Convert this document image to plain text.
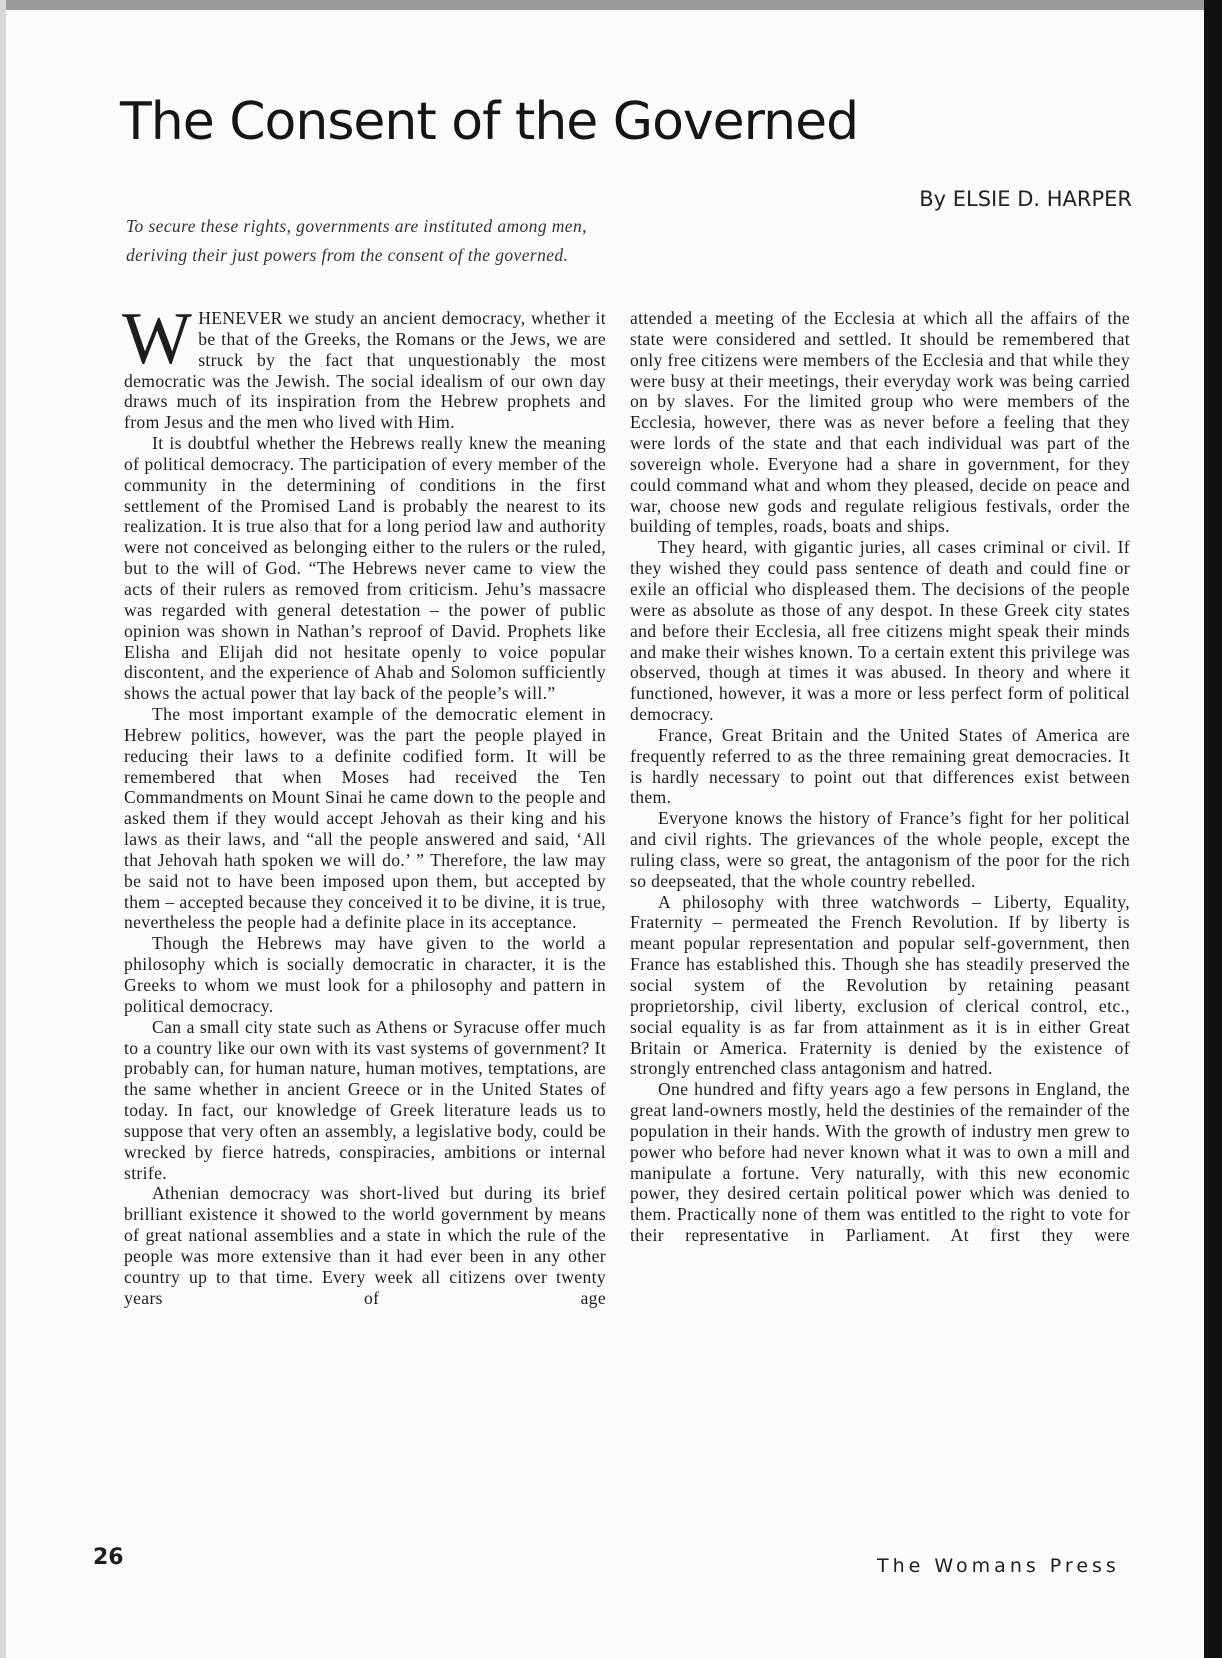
The Consent of the Governed
By ELSIE D. HARPER
To secure these rights, governments are instituted among men,
deriving their just powers from the consent of the governed.

WHENEVER we study an ancient democracy, whether it be that of the Greeks, the Romans or the Jews, we are struck by the fact that unquestionably the most democratic was the Jewish. The social idealism of our own day draws much of its inspiration from the Hebrew prophets and from Jesus and the men who lived with Him.

It is doubtful whether the Hebrews really knew the meaning of political democracy. The participation of every member of the community in the determining of conditions in the first settlement of the Promised Land is probably the nearest to its realization. It is true also that for a long period law and authority were not conceived as belonging either to the rulers or the ruled, but to the will of God. “The Hebrews never came to view the acts of their rulers as removed from criticism. Jehu’s massacre was regarded with general detestation – the power of public opinion was shown in Nathan’s reproof of David. Prophets like Elisha and Elijah did not hesitate openly to voice popular discontent, and the experience of Ahab and Solomon sufficiently shows the actual power that lay back of the people’s will.”

The most important example of the democratic element in Hebrew politics, however, was the part the people played in reducing their laws to a definite codified form. It will be remembered that when Moses had received the Ten Commandments on Mount Sinai he came down to the people and asked them if they would accept Jehovah as their king and his laws as their laws, and “all the people answered and said, ‘All that Jehovah hath spoken we will do.’ ” Therefore, the law may be said not to have been imposed upon them, but accepted by them – accepted because they conceived it to be divine, it is true, nevertheless the people had a definite place in its acceptance.

Though the Hebrews may have given to the world a philosophy which is socially democratic in character, it is the Greeks to whom we must look for a philosophy and pattern in political democracy.

Can a small city state such as Athens or Syracuse offer much to a country like our own with its vast systems of government? It probably can, for human nature, human motives, temptations, are the same whether in ancient Greece or in the United States of today. In fact, our knowledge of Greek literature leads us to suppose that very often an assembly, a legislative body, could be wrecked by fierce hatreds, conspiracies, ambitions or internal strife.

Athenian democracy was short-lived but during its brief brilliant existence it showed to the world government by means of great national assemblies and a state in which the rule of the people was more extensive than it had ever been in any other country up to that time. Every week all citizens over twenty years of age

attended a meeting of the Ecclesia at which all the affairs of the state were considered and settled. It should be remembered that only free citizens were members of the Ecclesia and that while they were busy at their meetings, their everyday work was being carried on by slaves. For the limited group who were members of the Ecclesia, however, there was as never before a feeling that they were lords of the state and that each individual was part of the sovereign whole. Everyone had a share in government, for they could command what and whom they pleased, decide on peace and war, choose new gods and regulate religious festivals, order the building of temples, roads, boats and ships.

They heard, with gigantic juries, all cases criminal or civil. If they wished they could pass sentence of death and could fine or exile an official who displeased them. The decisions of the people were as absolute as those of any despot. In these Greek city states and before their Ecclesia, all free citizens might speak their minds and make their wishes known. To a certain extent this privilege was observed, though at times it was abused. In theory and where it functioned, however, it was a more or less perfect form of political democracy.

France, Great Britain and the United States of America are frequently referred to as the three remaining great democracies. It is hardly necessary to point out that differences exist between them.

Everyone knows the history of France’s fight for her political and civil rights. The grievances of the whole people, except the ruling class, were so great, the antagonism of the poor for the rich so deepseated, that the whole country rebelled.

A philosophy with three watchwords – Liberty, Equality, Fraternity – permeated the French Revolution. If by liberty is meant popular representation and popular self-government, then France has established this. Though she has steadily preserved the social system of the Revolution by retaining peasant proprietorship, civil liberty, exclusion of clerical control, etc., social equality is as far from attainment as it is in either Great Britain or America. Fraternity is denied by the existence of strongly entrenched class antagonism and hatred.

One hundred and fifty years ago a few persons in England, the great land-owners mostly, held the destinies of the remainder of the population in their hands. With the growth of industry men grew to power who before had never known what it was to own a mill and manipulate a fortune. Very naturally, with this new economic power, they desired certain political power which was denied to them. Practically none of them was entitled to the right to vote for their representative in Parliament. At first they were

26	The Womans Press
